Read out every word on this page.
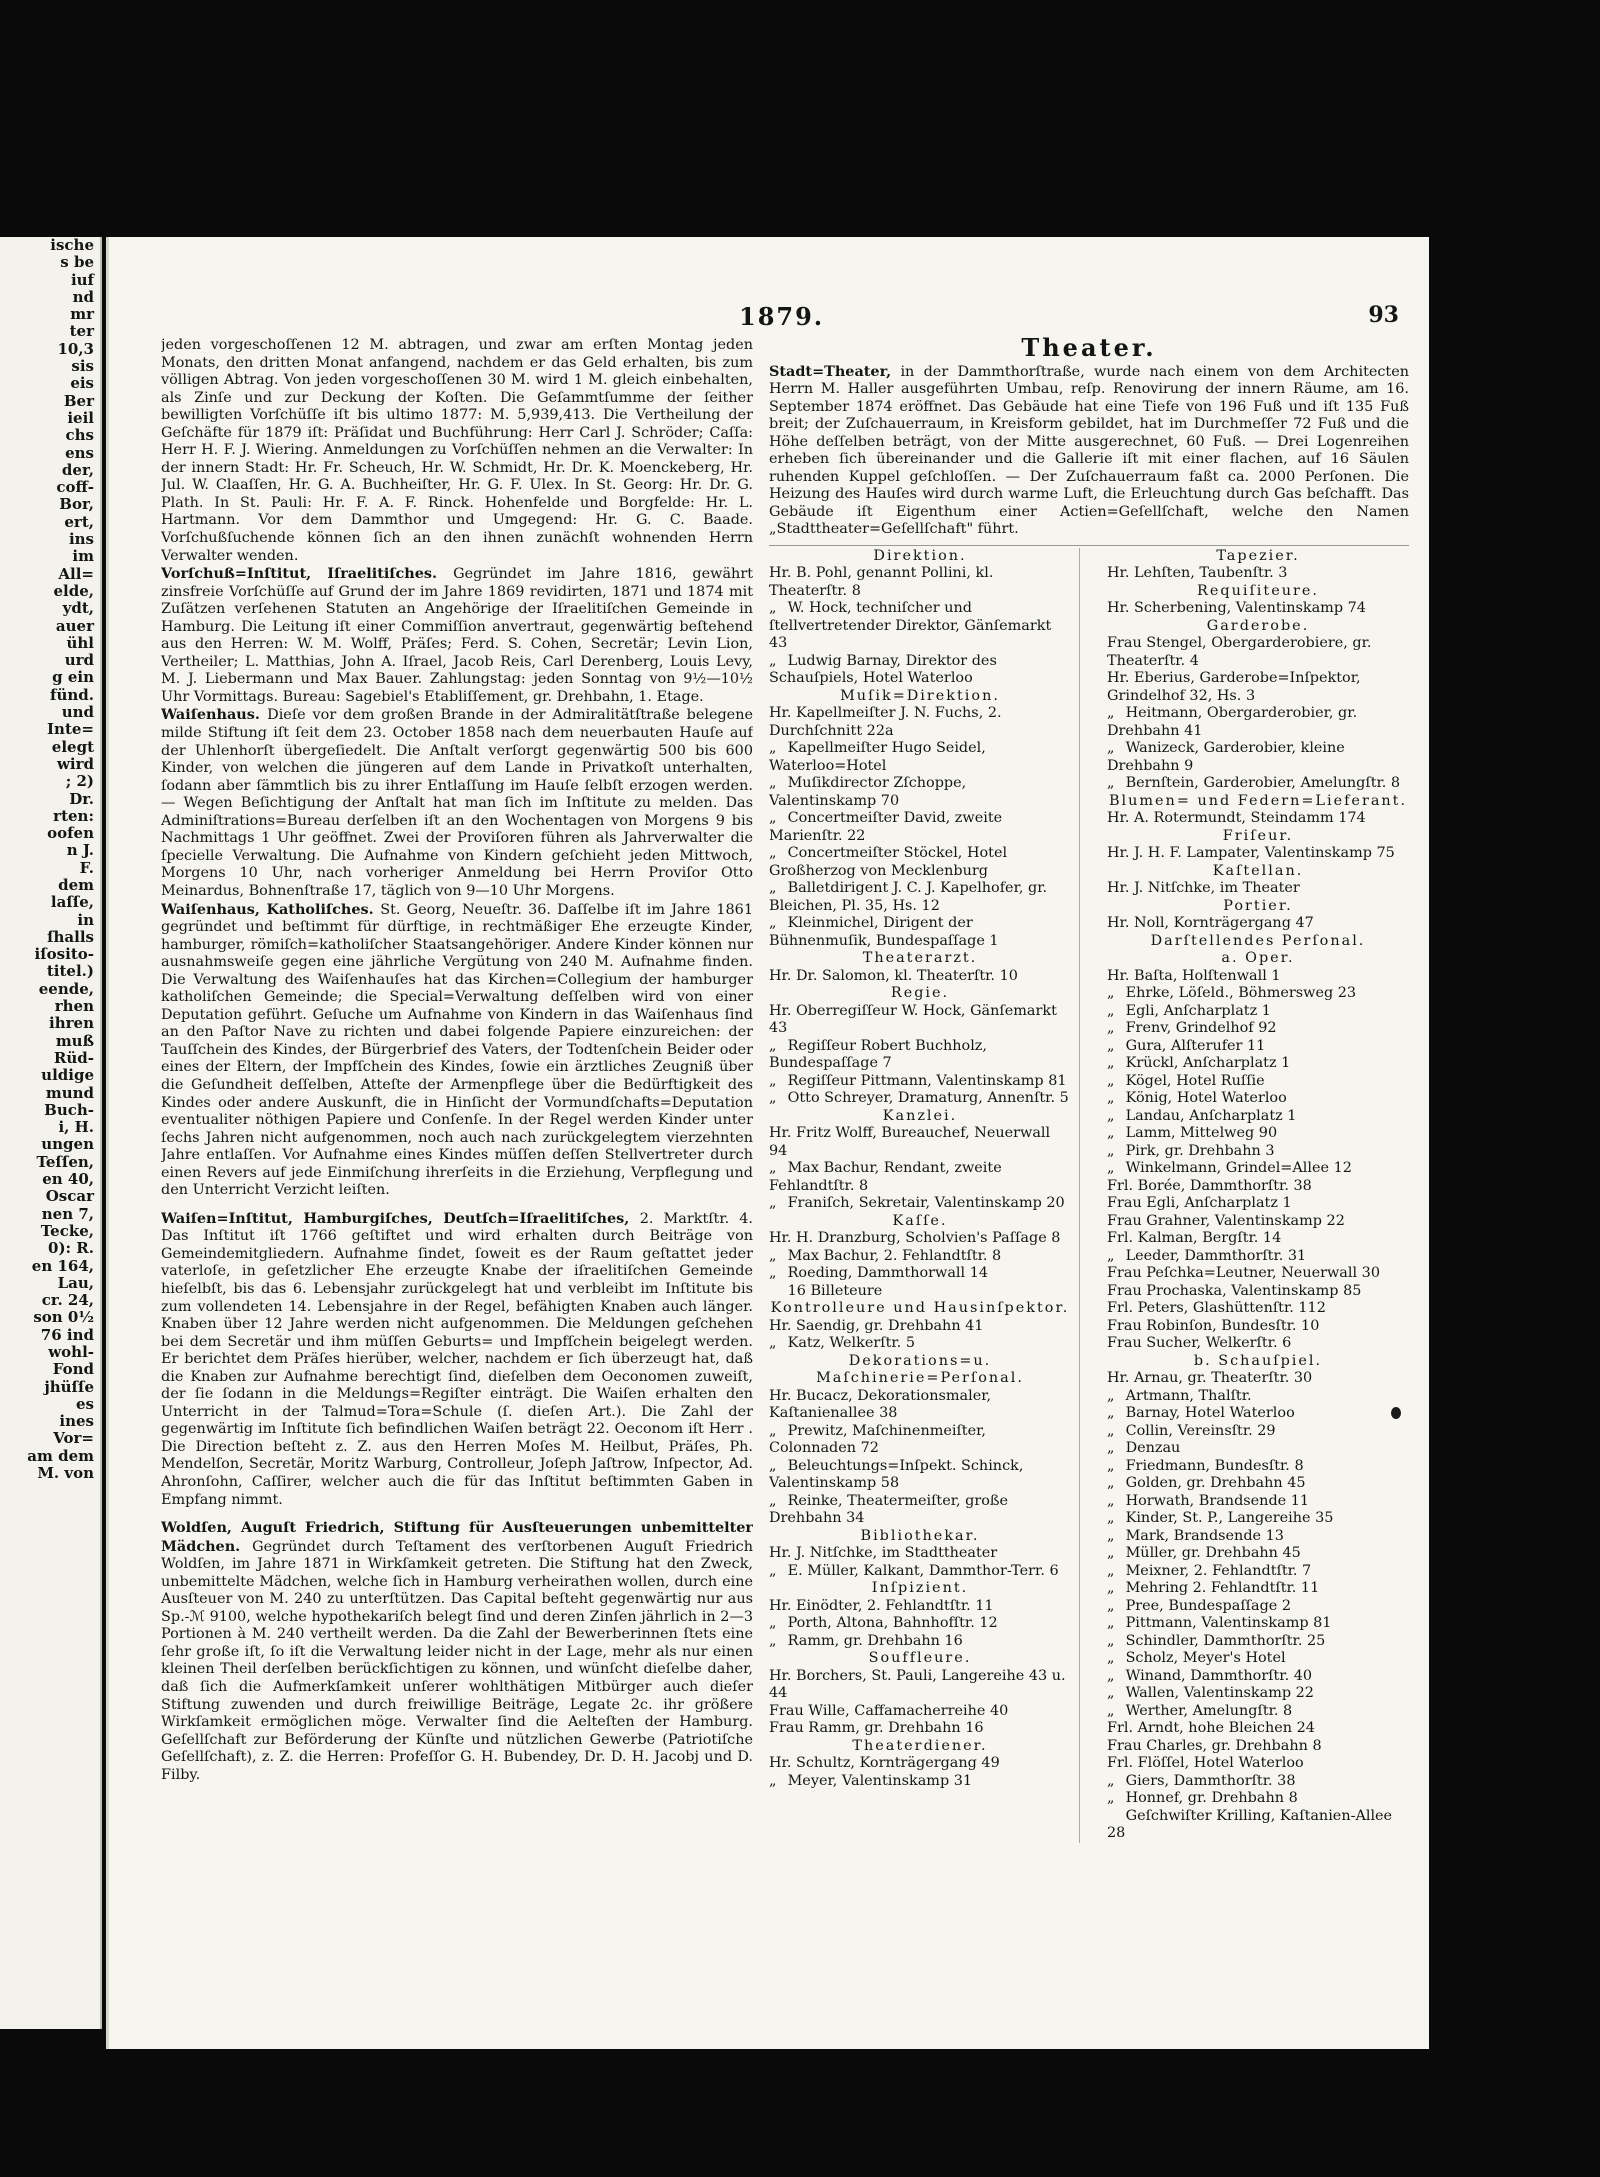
ische
s be
iuf
nd
mr
ter
10,3
sis
eis
Ber
ieil
chs
ens
der,
coff-
Bor,
ert,
ins
im
All=
elde,
ydt,
auer
ühl
urd
g ein
fünd.
und
Inte=
elegt
wird
; 2)
Dr.
rten:
oofen
n J.
F.
dem
laſſe,
in
ſhalls
iſosito-
titel.)
eende,
rhen
ihren
muß
Rüd-
uldige
mund
Buch-
i, H.
ungen
Teſſen,
en 40,
Oscar
nen 7,
Tecke,
0): R.
en 164,
Lau,
cr. 24,
son 0½
76 ind
wohl-
Fond
jhüſſe
es
ines
Vor=
am dem
M. von
1879.	93

jeden vorgeschoſſenen 12 M. abtragen, und zwar am erſten Montag jeden Monats, den dritten Monat anfangend, nachdem er das Geld erhalten, bis zum völligen Abtrag. Von jeden vorgeschoſſenen 30 M. wird 1 M. gleich einbehalten, als Zinſe und zur Deckung der Koſten. Die Geſammtſumme der ſeither bewilligten Vorſchüſſe iſt bis ultimo 1877: M. 5,939,413. Die Vertheilung der Geſchäfte für 1879 iſt: Präſidat und Buchführung: Herr Carl J. Schröder; Caſſa: Herr H. F. J. Wiering. Anmeldungen zu Vorſchüſſen nehmen an die Verwalter: In der innern Stadt: Hr. Fr. Scheuch, Hr. W. Schmidt, Hr. Dr. K. Moenckeberg, Hr. Jul. W. Claaſſen, Hr. G. A. Buchheiſter, Hr. G. F. Ulex. In St. Georg: Hr. Dr. G. Plath. In St. Pauli: Hr. F. A. F. Rinck. Hohenfelde und Borgfelde: Hr. L. Hartmann. Vor dem Dammthor und Umgegend: Hr. G. C. Baade. Vorſchußſuchende können ſich an den ihnen zunächſt wohnenden Herrn Verwalter wenden.

Vorſchuß=Inſtitut, Iſraelitiſches. Gegründet im Jahre 1816, gewährt zinsfreie Vorſchüſſe auf Grund der im Jahre 1869 revidirten, 1871 und 1874 mit Zuſätzen verſehenen Statuten an Angehörige der Iſraelitiſchen Gemeinde in Hamburg. Die Leitung iſt einer Commiſſion anvertraut, gegenwärtig beſtehend aus den Herren: W. M. Wolff, Präſes; Ferd. S. Cohen, Secretär; Levin Lion, Vertheiler; L. Matthias, John A. Iſrael, Jacob Reis, Carl Derenberg, Louis Levy, M. J. Liebermann und Max Bauer. Zahlungstag: jeden Sonntag von 9½—10½ Uhr Vormittags. Bureau: Sagebiel's Etabliſſement, gr. Drehbahn, 1. Etage.

Waiſenhaus. Dieſe vor dem großen Brande in der Admiralitätſtraße belegene milde Stiftung iſt ſeit dem 23. October 1858 nach dem neuerbauten Hauſe auf der Uhlenhorſt übergeſiedelt. Die Anſtalt verſorgt gegenwärtig 500 bis 600 Kinder, von welchen die jüngeren auf dem Lande in Privatkoſt unterhalten, ſodann aber ſämmtlich bis zu ihrer Entlaſſung im Hauſe ſelbſt erzogen werden. — Wegen Beſichtigung der Anſtalt hat man ſich im Inſtitute zu melden. Das Adminiſtrations=Bureau derſelben iſt an den Wochentagen von Morgens 9 bis Nachmittags 1 Uhr geöffnet. Zwei der Proviſoren führen als Jahrverwalter die ſpecielle Verwaltung. Die Aufnahme von Kindern geſchieht jeden Mittwoch, Morgens 10 Uhr, nach vorheriger Anmeldung bei Herrn Proviſor Otto Meinardus, Bohnenſtraße 17, täglich von 9—10 Uhr Morgens.

Waiſenhaus, Katholiſches. St. Georg, Neueſtr. 36. Daſſelbe iſt im Jahre 1861 gegründet und beſtimmt für dürftige, in rechtmäßiger Ehe erzeugte Kinder, hamburger, römiſch=katholiſcher Staatsangehöriger. Andere Kinder können nur ausnahmsweiſe gegen eine jährliche Vergütung von 240 M. Aufnahme finden. Die Verwaltung des Waiſenhauſes hat das Kirchen=Collegium der hamburger katholiſchen Gemeinde; die Special=Verwaltung deſſelben wird von einer Deputation geführt. Geſuche um Aufnahme von Kindern in das Waiſenhaus ſind an den Paſtor Nave zu richten und dabei folgende Papiere einzureichen: der Tauſſchein des Kindes, der Bürgerbrief des Vaters, der Todtenſchein Beider oder eines der Eltern, der Impfſchein des Kindes, ſowie ein ärztliches Zeugniß über die Geſundheit deſſelben, Atteſte der Armenpflege über die Bedürftigkeit des Kindes oder andere Auskunft, die in Hinſicht der Vormundſchafts=Deputation eventualiter nöthigen Papiere und Conſenſe. In der Regel werden Kinder unter ſechs Jahren nicht aufgenommen, noch auch nach zurückgelegtem vierzehnten Jahre entlaſſen. Vor Aufnahme eines Kindes müſſen deſſen Stellvertreter durch einen Revers auf jede Einmiſchung ihrerſeits in die Erziehung, Verpflegung und den Unterricht Verzicht leiſten.

Waiſen=Inſtitut, Hamburgiſches, Deutſch=Iſraelitiſches, 2. Marktſtr. 4. Das Inſtitut iſt 1766 geſtiftet und wird erhalten durch Beiträge von Gemeindemitgliedern. Aufnahme ſindet, ſoweit es der Raum geſtattet jeder vaterloſe, in geſetzlicher Ehe erzeugte Knabe der iſraelitiſchen Gemeinde hieſelbſt, bis das 6. Lebensjahr zurückgelegt hat und verbleibt im Inſtitute bis zum vollendeten 14. Lebensjahre in der Regel, befähigten Knaben auch länger. Knaben über 12 Jahre werden nicht aufgenommen. Die Meldungen geſchehen bei dem Secretär und ihm müſſen Geburts= und Impfſchein beigelegt werden. Er berichtet dem Präſes hierüber, welcher, nachdem er ſich überzeugt hat, daß die Knaben zur Aufnahme berechtigt ſind, dieſelben dem Oeconomen zuweiſt, der ſie ſodann in die Meldungs=Regiſter einträgt. Die Waiſen erhalten den Unterricht in der Talmud=Tora=Schule (ſ. dieſen Art.). Die Zahl der gegenwärtig im Inſtitute ſich befindlichen Waiſen beträgt 22. Oeconom iſt Herr . Die Direction beſteht z. Z. aus den Herren Moſes M. Heilbut, Präſes, Ph. Mendelſon, Secretär, Moritz Warburg, Controlleur, Joſeph Jaſtrow, Inſpector, Ad. Ahronſohn, Caſſirer, welcher auch die für das Inſtitut beſtimmten Gaben in Empfang nimmt.

Woldſen, Auguſt Friedrich, Stiftung für Ausſteuerungen unbemittelter Mädchen. Gegründet durch Teſtament des verſtorbenen Auguſt Friedrich Woldſen, im Jahre 1871 in Wirkſamkeit getreten. Die Stiftung hat den Zweck, unbemittelte Mädchen, welche ſich in Hamburg verheirathen wollen, durch eine Ausſteuer von M. 240 zu unterſtützen. Das Capital beſteht gegenwärtig nur aus Sp.-ℳ 9100, welche hypothekariſch belegt ſind und deren Zinſen jährlich in 2—3 Portionen à M. 240 vertheilt werden. Da die Zahl der Bewerberinnen ſtets eine ſehr große iſt, ſo iſt die Verwaltung leider nicht in der Lage, mehr als nur einen kleinen Theil derſelben berückſichtigen zu können, und wünſcht dieſelbe daher, daß ſich die Aufmerkſamkeit unſerer wohlthätigen Mitbürger auch dieſer Stiftung zuwenden und durch freiwillige Beiträge, Legate 2c. ihr größere Wirkſamkeit ermöglichen möge. Verwalter ſind die Aelteſten der Hamburg. Geſellſchaft zur Beförderung der Künſte und nützlichen Gewerbe (Patriotiſche Geſellſchaft), z. Z. die Herren: Profeſſor G. H. Bubendey, Dr. D. H. Jacobj und D. Filby.

Theater.

Stadt=Theater, in der Dammthorſtraße, wurde nach einem von dem Architecten Herrn M. Haller ausgeführten Umbau, reſp. Renovirung der innern Räume, am 16. September 1874 eröffnet. Das Gebäude hat eine Tiefe von 196 Fuß und iſt 135 Fuß breit; der Zuſchauerraum, in Kreisform gebildet, hat im Durchmeſſer 72 Fuß und die Höhe deſſelben beträgt, von der Mitte ausgerechnet, 60 Fuß. — Drei Logenreihen erheben ſich übereinander und die Gallerie iſt mit einer flachen, auf 16 Säulen ruhenden Kuppel geſchloſſen. — Der Zuſchauerraum faßt ca. 2000 Perſonen. Die Heizung des Hauſes wird durch warme Luft, die Erleuchtung durch Gas beſchafft. Das Gebäude iſt Eigenthum einer Actien=Geſellſchaft, welche den Namen „Stadttheater=Geſellſchaft" führt.

Direktion.
Hr. B. Pohl, genannt Pollini, kl. Theaterſtr. 8
„ W. Hock, techniſcher und ſtellvertretender Direktor, Gänſemarkt 43
„ Ludwig Barnay, Direktor des Schauſpiels, Hotel Waterloo
Muſik=Direktion.
Hr. Kapellmeiſter J. N. Fuchs, 2. Durchſchnitt 22a
„ Kapellmeiſter Hugo Seidel, Waterloo=Hotel
„ Muſikdirector Zſchoppe, Valentinskamp 70
„ Concertmeiſter David, zweite Marienſtr. 22
„ Concertmeiſter Stöckel, Hotel Großherzog von Mecklenburg
„ Balletdirigent J. C. J. Kapelhofer, gr. Bleichen, Pl. 35, Hs. 12
„ Kleinmichel, Dirigent der Bühnenmuſik, Bundespaſſage 1
Theaterarzt.
Hr. Dr. Salomon, kl. Theaterſtr. 10
Regie.
Hr. Oberregiſſeur W. Hock, Gänſemarkt 43
„ Regiſſeur Robert Buchholz, Bundespaſſage 7
„ Regiſſeur Pittmann, Valentinskamp 81
„ Otto Schreyer, Dramaturg, Annenſtr. 5
Kanzlei.
Hr. Fritz Wolff, Bureauchef, Neuerwall 94
„ Max Bachur, Rendant, zweite Fehlandtſtr. 8
„ Franiſch, Sekretair, Valentinskamp 20
Kaſſe.
Hr. H. Dranzburg, Scholvien's Paſſage 8
„ Max Bachur, 2. Fehlandtſtr. 8
„ Roeding, Dammthorwall 14
16 Billeteure
Kontrolleure und Hausinſpektor.
Hr. Saendig, gr. Drehbahn 41
„ Katz, Welkerſtr. 5
Dekorations=u. Maſchinerie=Perſonal.
Hr. Bucacz, Dekorationsmaler, Kaſtanienallee 38
„ Prewitz, Maſchinenmeiſter, Colonnaden 72
„ Beleuchtungs=Inſpekt. Schinck, Valentinskamp 58
„ Reinke, Theatermeiſter, große Drehbahn 34
Bibliothekar.
Hr. J. Nitſchke, im Stadttheater
„ E. Müller, Kalkant, Dammthor-Terr. 6
Inſpizient.
Hr. Einödter, 2. Fehlandtſtr. 11
„ Porth, Altona, Bahnhofſtr. 12
„ Ramm, gr. Drehbahn 16
Souffleure.
Hr. Borchers, St. Pauli, Langereihe 43 u. 44
Frau Wille, Caffamacherreihe 40
Frau Ramm, gr. Drehbahn 16
Theaterdiener.
Hr. Schultz, Kornträgergang 49
„ Meyer, Valentinskamp 31
Tapezier.
Hr. Lehſten, Taubenſtr. 3
Requiſiteure.
Hr. Scherbening, Valentinskamp 74
Garderobe.
Frau Stengel, Obergarderobiere, gr. Theaterſtr. 4
Hr. Eberius, Garderobe=Inſpektor, Grindelhof 32, Hs. 3
„ Heitmann, Obergarderobier, gr. Drehbahn 41
„ Wanizeck, Garderobier, kleine Drehbahn 9
„ Bernſtein, Garderobier, Amelungſtr. 8
Blumen= und Federn=Lieferant.
Hr. A. Rotermundt, Steindamm 174
Friſeur.
Hr. J. H. F. Lampater, Valentinskamp 75
Kaſtellan.
Hr. J. Nitſchke, im Theater
Portier.
Hr. Noll, Kornträgergang 47
Darſtellendes Perſonal.
a. Oper.
Hr. Baſta, Holſtenwall 1
„ Ehrke, Löſeld., Böhmersweg 23
„ Egli, Anſcharplatz 1
„ Frenv, Grindelhof 92
„ Gura, Alſterufer 11
„ Krückl, Anſcharplatz 1
„ Kögel, Hotel Ruſſie
„ König, Hotel Waterloo
„ Landau, Anſcharplatz 1
„ Lamm, Mittelweg 90
„ Pirk, gr. Drehbahn 3
„ Winkelmann, Grindel=Allee 12
Frl. Borée, Dammthorſtr. 38
Frau Egli, Anſcharplatz 1
Frau Grahner, Valentinskamp 22
Frl. Kalman, Bergſtr. 14
„ Leeder, Dammthorſtr. 31
Frau Peſchka=Leutner, Neuerwall 30
Frau Prochaska, Valentinskamp 85
Frl. Peters, Glashüttenſtr. 112
Frau Robinſon, Bundesſtr. 10
Frau Sucher, Welkerſtr. 6
b. Schauſpiel.
Hr. Arnau, gr. Theaterſtr. 30
„ Artmann, Thalſtr.
„ Barnay, Hotel Waterloo
„ Collin, Vereinsſtr. 29
„ Denzau
„ Friedmann, Bundesſtr. 8
„ Golden, gr. Drehbahn 45
„ Horwath, Brandsende 11
„ Kinder, St. P., Langereihe 35
„ Mark, Brandsende 13
„ Müller, gr. Drehbahn 45
„ Meixner, 2. Fehlandtſtr. 7
„ Mehring 2. Fehlandtſtr. 11
„ Pree, Bundespaſſage 2
„ Pittmann, Valentinskamp 81
„ Schindler, Dammthorſtr. 25
„ Scholz, Meyer's Hotel
„ Winand, Dammthorſtr. 40
„ Wallen, Valentinskamp 22
„ Werther, Amelungſtr. 8
Frl. Arndt, hohe Bleichen 24
Frau Charles, gr. Drehbahn 8
Frl. Flöſſel, Hotel Waterloo
„ Giers, Dammthorſtr. 38
„ Honnef, gr. Drehbahn 8
Geſchwiſter Krilling, Kaſtanien-Allee 28
